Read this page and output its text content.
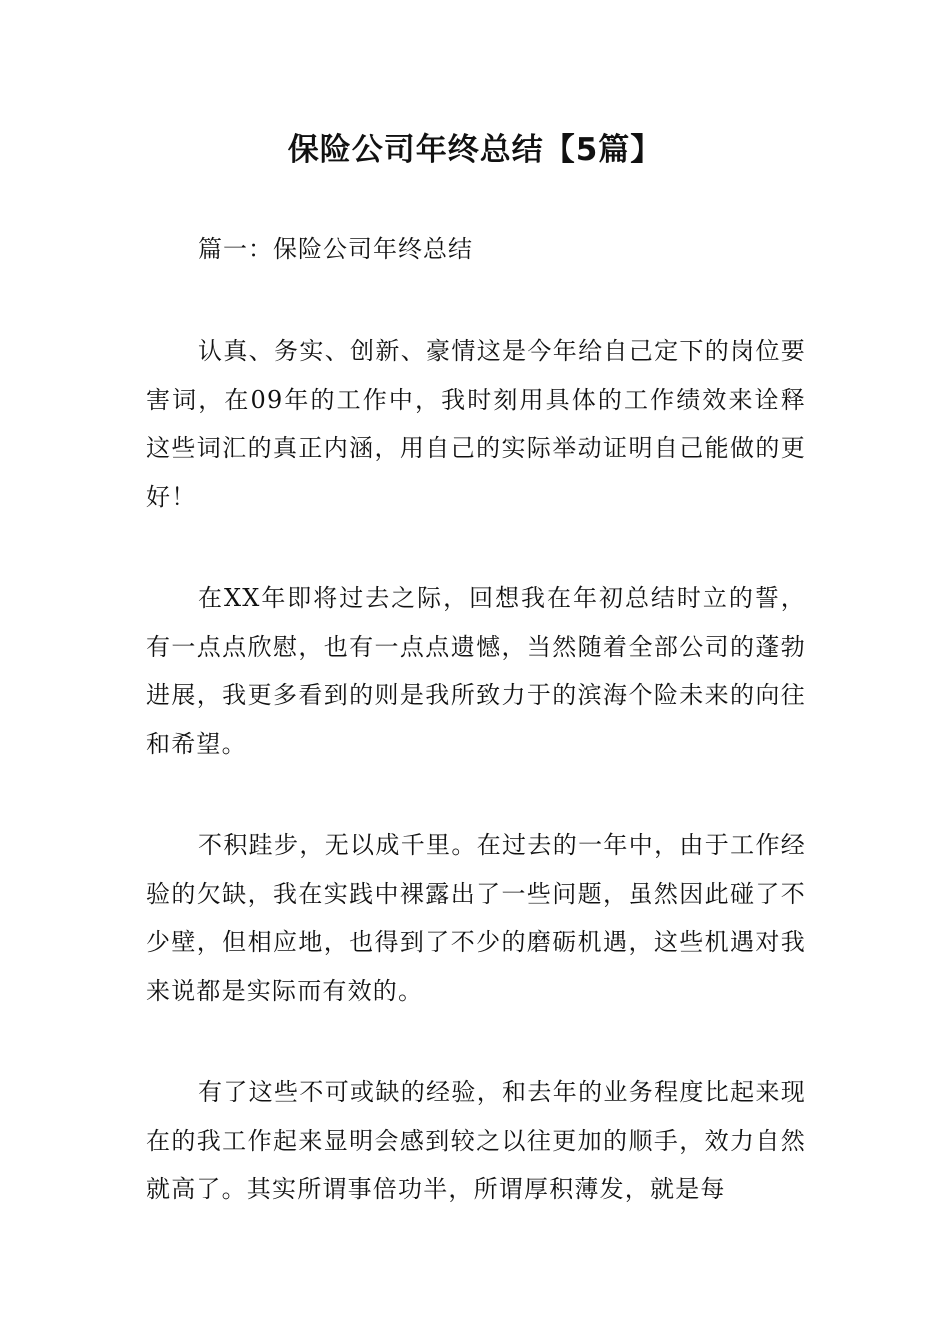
保险公司年终总结【5篇】

篇一：保险公司年终总结

认真、务实、创新、豪情这是今年给自己定下的岗位要害词，在09年的工作中，我时刻用具体的工作绩效来诠释这些词汇的真正内涵，用自己的实际举动证明自己能做的更好！

在XX年即将过去之际，回想我在年初总结时立的誓，有一点点欣慰，也有一点点遗憾，当然随着全部公司的蓬勃进展，我更多看到的则是我所致力于的滨海个险未来的向往和希望。

不积跬步，无以成千里。在过去的一年中，由于工作经验的欠缺，我在实践中裸露出了一些问题，虽然因此碰了不少壁，但相应地，也得到了不少的磨砺机遇，这些机遇对我来说都是实际而有效的。

有了这些不可或缺的经验，和去年的业务程度比起来现在的我工作起来显明会感到较之以往更加的顺手，效力自然就高了。其实所谓事倍功半，所谓厚积薄发，就是每
